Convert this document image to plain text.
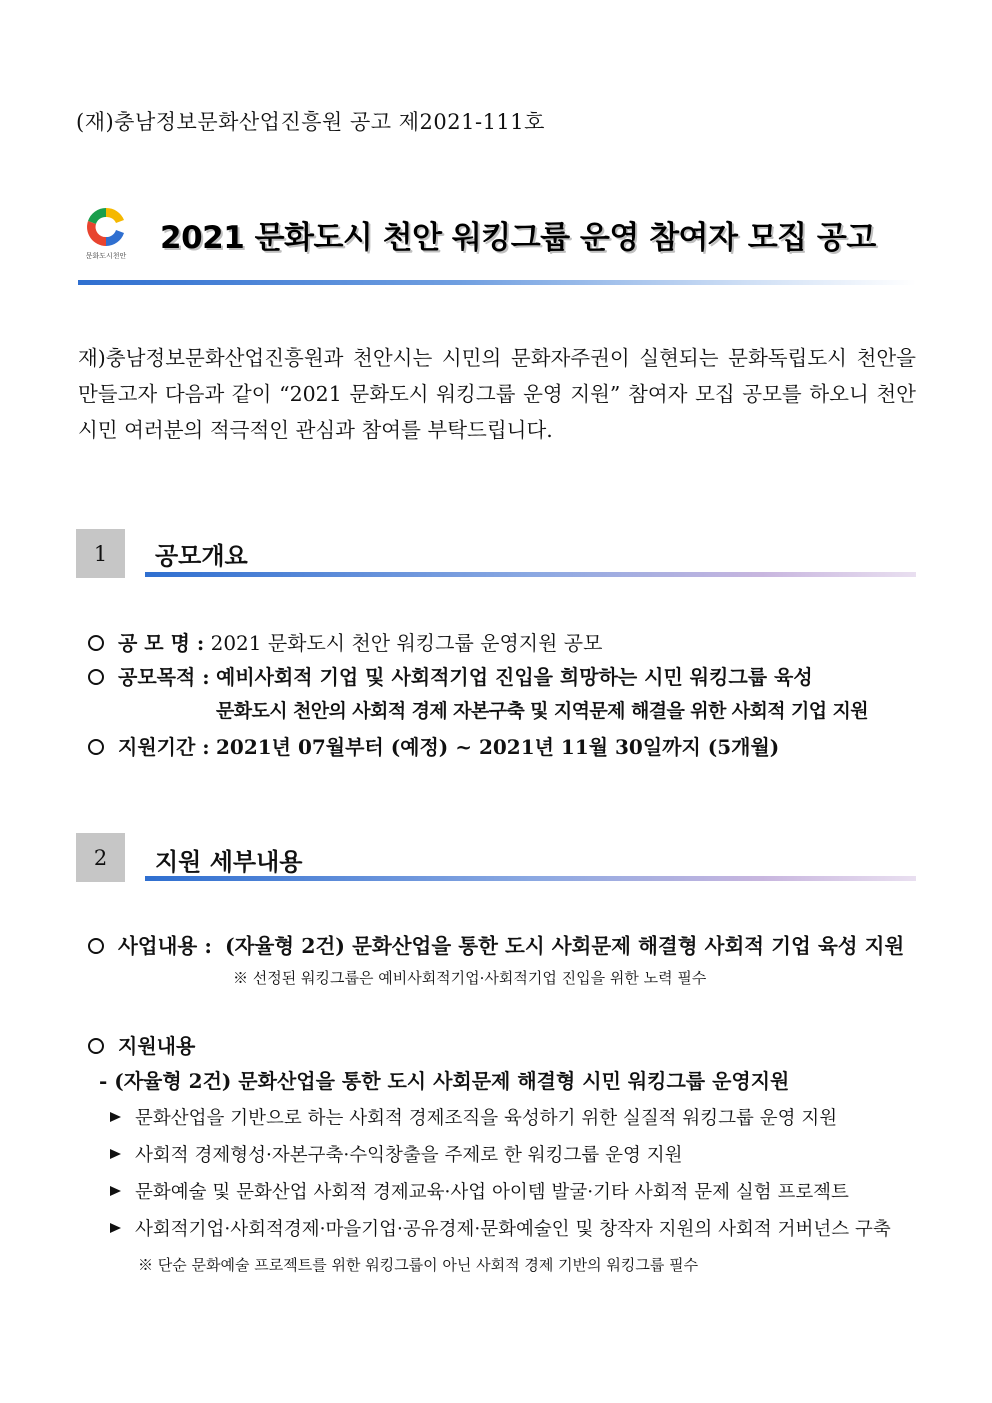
(재)충남정보문화산업진흥원 공고 제2021-111호
문화도시천안 2021 문화도시 천안 워킹그룹 운영 참여자 모집 공고
재)충남정보문화산업진흥원과 천안시는 시민의 문화자주권이 실현되는 문화독립도시 천안을 만들고자 다음과 같이 “2021 문화도시 워킹그룹 운영 지원” 참여자 모집 공모를 하오니 천안 시민 여러분의 적극적인 관심과 참여를 부탁드립니다.
1	공모개요
공 모 명 : 2021 문화도시 천안 워킹그룹 운영지원 공모
공모목적 : 예비사회적 기업 및 사회적기업 진입을 희망하는 시민 워킹그룹 육성
문화도시 천안의 사회적 경제 자본구축 및 지역문제 해결을 위한 사회적 기업 지원
지원기간 : 2021년 07월부터 (예정) ~ 2021년 11월 30일까지 (5개월)
2	지원 세부내용
사업내용 : (자율형 2건) 문화산업을 통한 도시 사회문제 해결형 사회적 기업 육성 지원
※ 선정된 워킹그룹은 예비사회적기업·사회적기업 진입을 위한 노력 필수
지원내용
- (자율형 2건) 문화산업을 통한 도시 사회문제 해결형 시민 워킹그룹 운영지원
문화산업을 기반으로 하는 사회적 경제조직을 육성하기 위한 실질적 워킹그룹 운영 지원
사회적 경제형성·자본구축·수익창출을 주제로 한 워킹그룹 운영 지원
문화예술 및 문화산업 사회적 경제교육·사업 아이템 발굴·기타 사회적 문제 실험 프로젝트
사회적기업·사회적경제·마을기업·공유경제·문화예술인 및 창작자 지원의 사회적 거버넌스 구축
※ 단순 문화예술 프로젝트를 위한 워킹그룹이 아닌 사회적 경제 기반의 워킹그룹 필수
